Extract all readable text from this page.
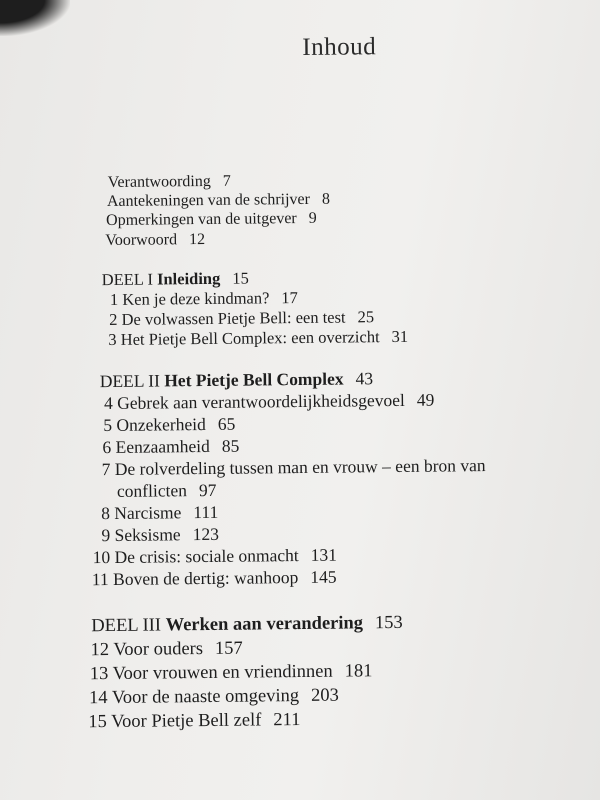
Inhoud
Verantwoording 7
Aantekeningen van de schrijver 8
Opmerkingen van de uitgever 9
Voorwoord 12
DEEL I Inleiding 15
1 Ken je deze kindman? 17
2 De volwassen Pietje Bell: een test 25
3 Het Pietje Bell Complex: een overzicht 31
DEEL II Het Pietje Bell Complex 43
4 Gebrek aan verantwoordelijkheidsgevoel 49
5 Onzekerheid 65
6 Eenzaamheid 85
7 De rolverdeling tussen man en vrouw – een bron van
conflicten 97
8 Narcisme 111
9 Seksisme 123
10 De crisis: sociale onmacht 131
11 Boven de dertig: wanhoop 145
DEEL III Werken aan verandering 153
12 Voor ouders 157
13 Voor vrouwen en vriendinnen 181
14 Voor de naaste omgeving 203
15 Voor Pietje Bell zelf 211
